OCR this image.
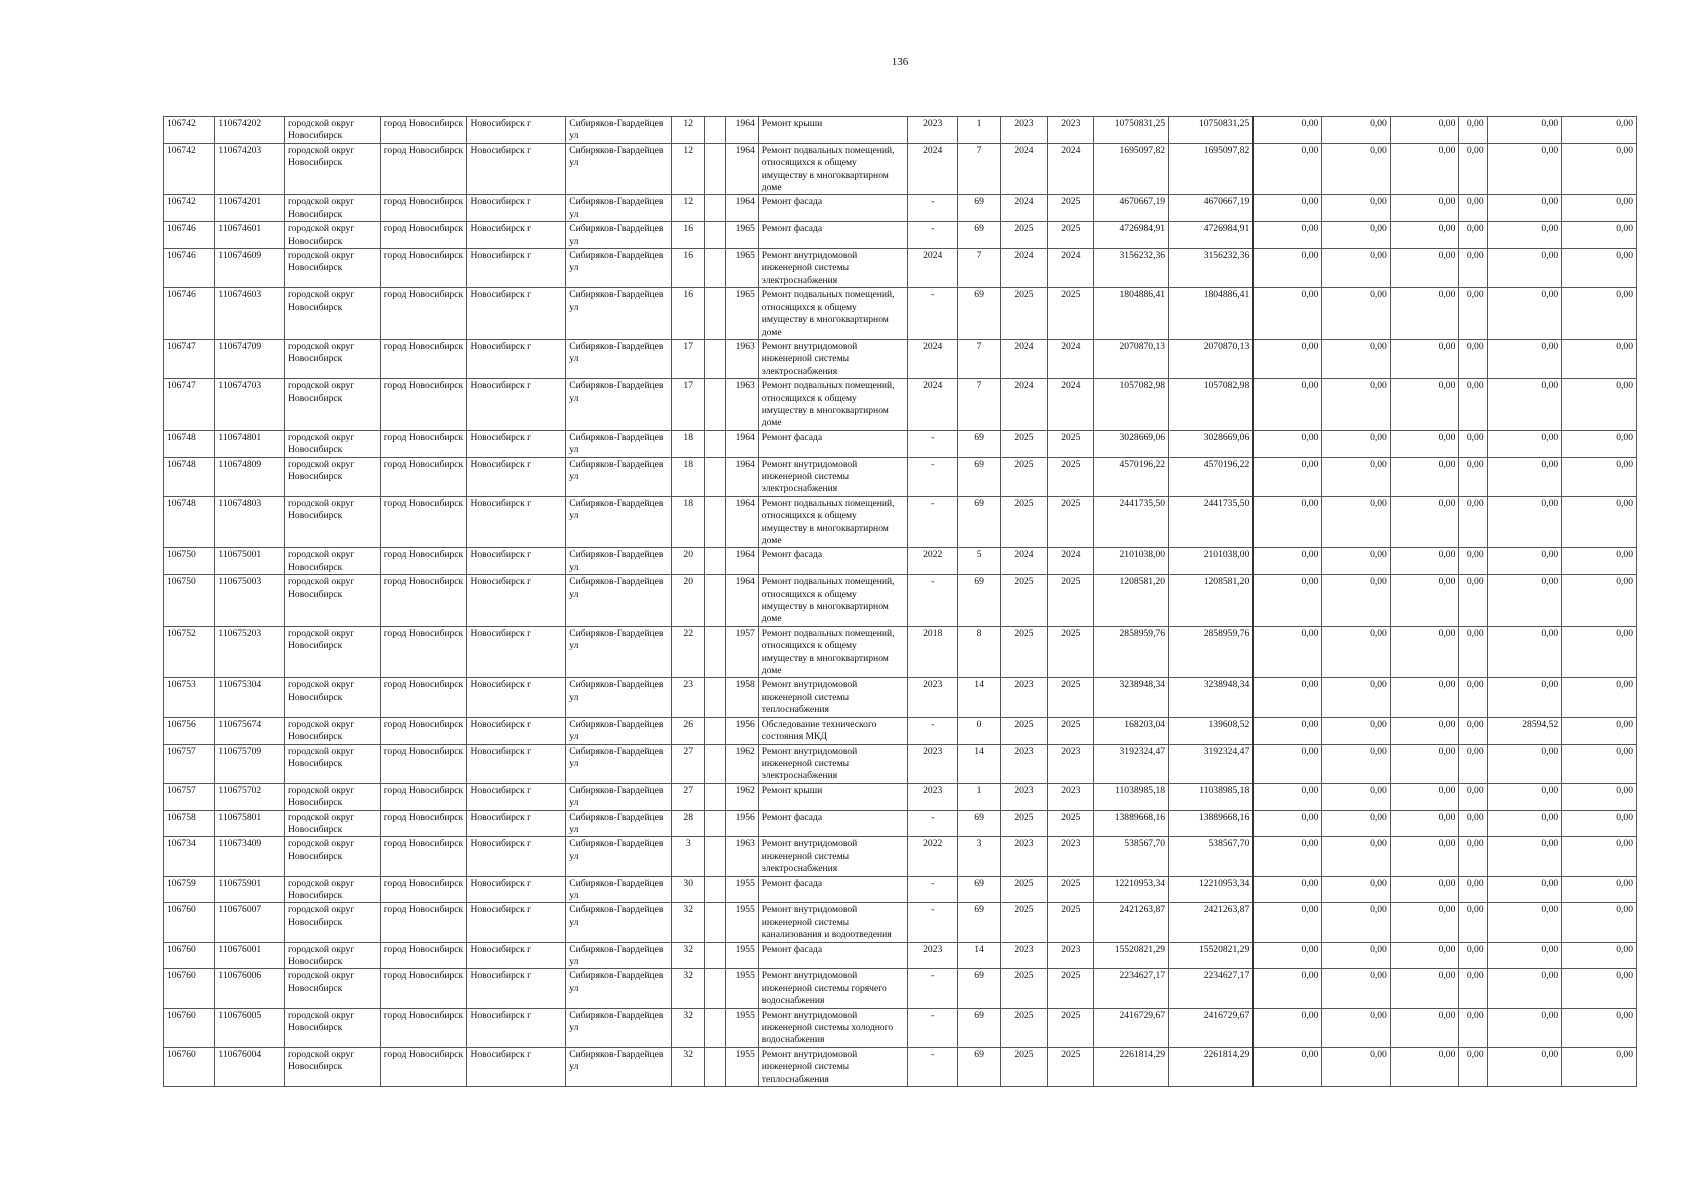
136
106742	110674202	городской округ Новосибирск	город Новосибирск	Новосибирск г	Сибиряков-Гвардейцев ул	12		1964	Ремонт крыши	2023	1	2023	2023	10750831,25	10750831,25	0,00	0,00	0,00	0,00	0,00	0,00
106742	110674203	городской округ Новосибирск	город Новосибирск	Новосибирск г	Сибиряков-Гвардейцев ул	12		1964	Ремонт подвальных помещений, относящихся к общему имуществу в многоквартирном доме	2024	7	2024	2024	1695097,82	1695097,82	0,00	0,00	0,00	0,00	0,00	0,00
106742	110674201	городской округ Новосибирск	город Новосибирск	Новосибирск г	Сибиряков-Гвардейцев ул	12		1964	Ремонт фасада	-	69	2024	2025	4670667,19	4670667,19	0,00	0,00	0,00	0,00	0,00	0,00
106746	110674601	городской округ Новосибирск	город Новосибирск	Новосибирск г	Сибиряков-Гвардейцев ул	16		1965	Ремонт фасада	-	69	2025	2025	4726984,91	4726984,91	0,00	0,00	0,00	0,00	0,00	0,00
106746	110674609	городской округ Новосибирск	город Новосибирск	Новосибирск г	Сибиряков-Гвардейцев ул	16		1965	Ремонт внутридомовой инженерной системы электроснабжения	2024	7	2024	2024	3156232,36	3156232,36	0,00	0,00	0,00	0,00	0,00	0,00
106746	110674603	городской округ Новосибирск	город Новосибирск	Новосибирск г	Сибиряков-Гвардейцев ул	16		1965	Ремонт подвальных помещений, относящихся к общему имуществу в многоквартирном доме	-	69	2025	2025	1804886,41	1804886,41	0,00	0,00	0,00	0,00	0,00	0,00
106747	110674709	городской округ Новосибирск	город Новосибирск	Новосибирск г	Сибиряков-Гвардейцев ул	17		1963	Ремонт внутридомовой инженерной системы электроснабжения	2024	7	2024	2024	2070870,13	2070870,13	0,00	0,00	0,00	0,00	0,00	0,00
106747	110674703	городской округ Новосибирск	город Новосибирск	Новосибирск г	Сибиряков-Гвардейцев ул	17		1963	Ремонт подвальных помещений, относящихся к общему имуществу в многоквартирном доме	2024	7	2024	2024	1057082,98	1057082,98	0,00	0,00	0,00	0,00	0,00	0,00
106748	110674801	городской округ Новосибирск	город Новосибирск	Новосибирск г	Сибиряков-Гвардейцев ул	18		1964	Ремонт фасада	-	69	2025	2025	3028669,06	3028669,06	0,00	0,00	0,00	0,00	0,00	0,00
106748	110674809	городской округ Новосибирск	город Новосибирск	Новосибирск г	Сибиряков-Гвардейцев ул	18		1964	Ремонт внутридомовой инженерной системы электроснабжения	-	69	2025	2025	4570196,22	4570196,22	0,00	0,00	0,00	0,00	0,00	0,00
106748	110674803	городской округ Новосибирск	город Новосибирск	Новосибирск г	Сибиряков-Гвардейцев ул	18		1964	Ремонт подвальных помещений, относящихся к общему имуществу в многоквартирном доме	-	69	2025	2025	2441735,50	2441735,50	0,00	0,00	0,00	0,00	0,00	0,00
106750	110675001	городской округ Новосибирск	город Новосибирск	Новосибирск г	Сибиряков-Гвардейцев ул	20		1964	Ремонт фасада	2022	5	2024	2024	2101038,00	2101038,00	0,00	0,00	0,00	0,00	0,00	0,00
106750	110675003	городской округ Новосибирск	город Новосибирск	Новосибирск г	Сибиряков-Гвардейцев ул	20		1964	Ремонт подвальных помещений, относящихся к общему имуществу в многоквартирном доме	-	69	2025	2025	1208581,20	1208581,20	0,00	0,00	0,00	0,00	0,00	0,00
106752	110675203	городской округ Новосибирск	город Новосибирск	Новосибирск г	Сибиряков-Гвардейцев ул	22		1957	Ремонт подвальных помещений, относящихся к общему имуществу в многоквартирном доме	2018	8	2025	2025	2858959,76	2858959,76	0,00	0,00	0,00	0,00	0,00	0,00
106753	110675304	городской округ Новосибирск	город Новосибирск	Новосибирск г	Сибиряков-Гвардейцев ул	23		1958	Ремонт внутридомовой инженерной системы теплоснабжения	2023	14	2023	2025	3238948,34	3238948,34	0,00	0,00	0,00	0,00	0,00	0,00
106756	110675674	городской округ Новосибирск	город Новосибирск	Новосибирск г	Сибиряков-Гвардейцев ул	26		1956	Обследование технического состояния МКД	-	0	2025	2025	168203,04	139608,52	0,00	0,00	0,00	0,00	28594,52	0,00
106757	110675709	городской округ Новосибирск	город Новосибирск	Новосибирск г	Сибиряков-Гвардейцев ул	27		1962	Ремонт внутридомовой инженерной системы электроснабжения	2023	14	2023	2023	3192324,47	3192324,47	0,00	0,00	0,00	0,00	0,00	0,00
106757	110675702	городской округ Новосибирск	город Новосибирск	Новосибирск г	Сибиряков-Гвардейцев ул	27		1962	Ремонт крыши	2023	1	2023	2023	11038985,18	11038985,18	0,00	0,00	0,00	0,00	0,00	0,00
106758	110675801	городской округ Новосибирск	город Новосибирск	Новосибирск г	Сибиряков-Гвардейцев ул	28		1956	Ремонт фасада	-	69	2025	2025	13889668,16	13889668,16	0,00	0,00	0,00	0,00	0,00	0,00
106734	110673409	городской округ Новосибирск	город Новосибирск	Новосибирск г	Сибиряков-Гвардейцев ул	3		1963	Ремонт внутридомовой инженерной системы электроснабжения	2022	3	2023	2023	538567,70	538567,70	0,00	0,00	0,00	0,00	0,00	0,00
106759	110675901	городской округ Новосибирск	город Новосибирск	Новосибирск г	Сибиряков-Гвардейцев ул	30		1955	Ремонт фасада	-	69	2025	2025	12210953,34	12210953,34	0,00	0,00	0,00	0,00	0,00	0,00
106760	110676007	городской округ Новосибирск	город Новосибирск	Новосибирск г	Сибиряков-Гвардейцев ул	32		1955	Ремонт внутридомовой инженерной системы канализования и водоотведения	-	69	2025	2025	2421263,87	2421263,87	0,00	0,00	0,00	0,00	0,00	0,00
106760	110676001	городской округ Новосибирск	город Новосибирск	Новосибирск г	Сибиряков-Гвардейцев ул	32		1955	Ремонт фасада	2023	14	2023	2023	15520821,29	15520821,29	0,00	0,00	0,00	0,00	0,00	0,00
106760	110676006	городской округ Новосибирск	город Новосибирск	Новосибирск г	Сибиряков-Гвардейцев ул	32		1955	Ремонт внутридомовой инженерной системы горячего водоснабжения	-	69	2025	2025	2234627,17	2234627,17	0,00	0,00	0,00	0,00	0,00	0,00
106760	110676005	городской округ Новосибирск	город Новосибирск	Новосибирск г	Сибиряков-Гвардейцев ул	32		1955	Ремонт внутридомовой инженерной системы холодного водоснабжения	-	69	2025	2025	2416729,67	2416729,67	0,00	0,00	0,00	0,00	0,00	0,00
106760	110676004	городской округ Новосибирск	город Новосибирск	Новосибирск г	Сибиряков-Гвардейцев ул	32		1955	Ремонт внутридомовой инженерной системы теплоснабжения	-	69	2025	2025	2261814,29	2261814,29	0,00	0,00	0,00	0,00	0,00	0,00
